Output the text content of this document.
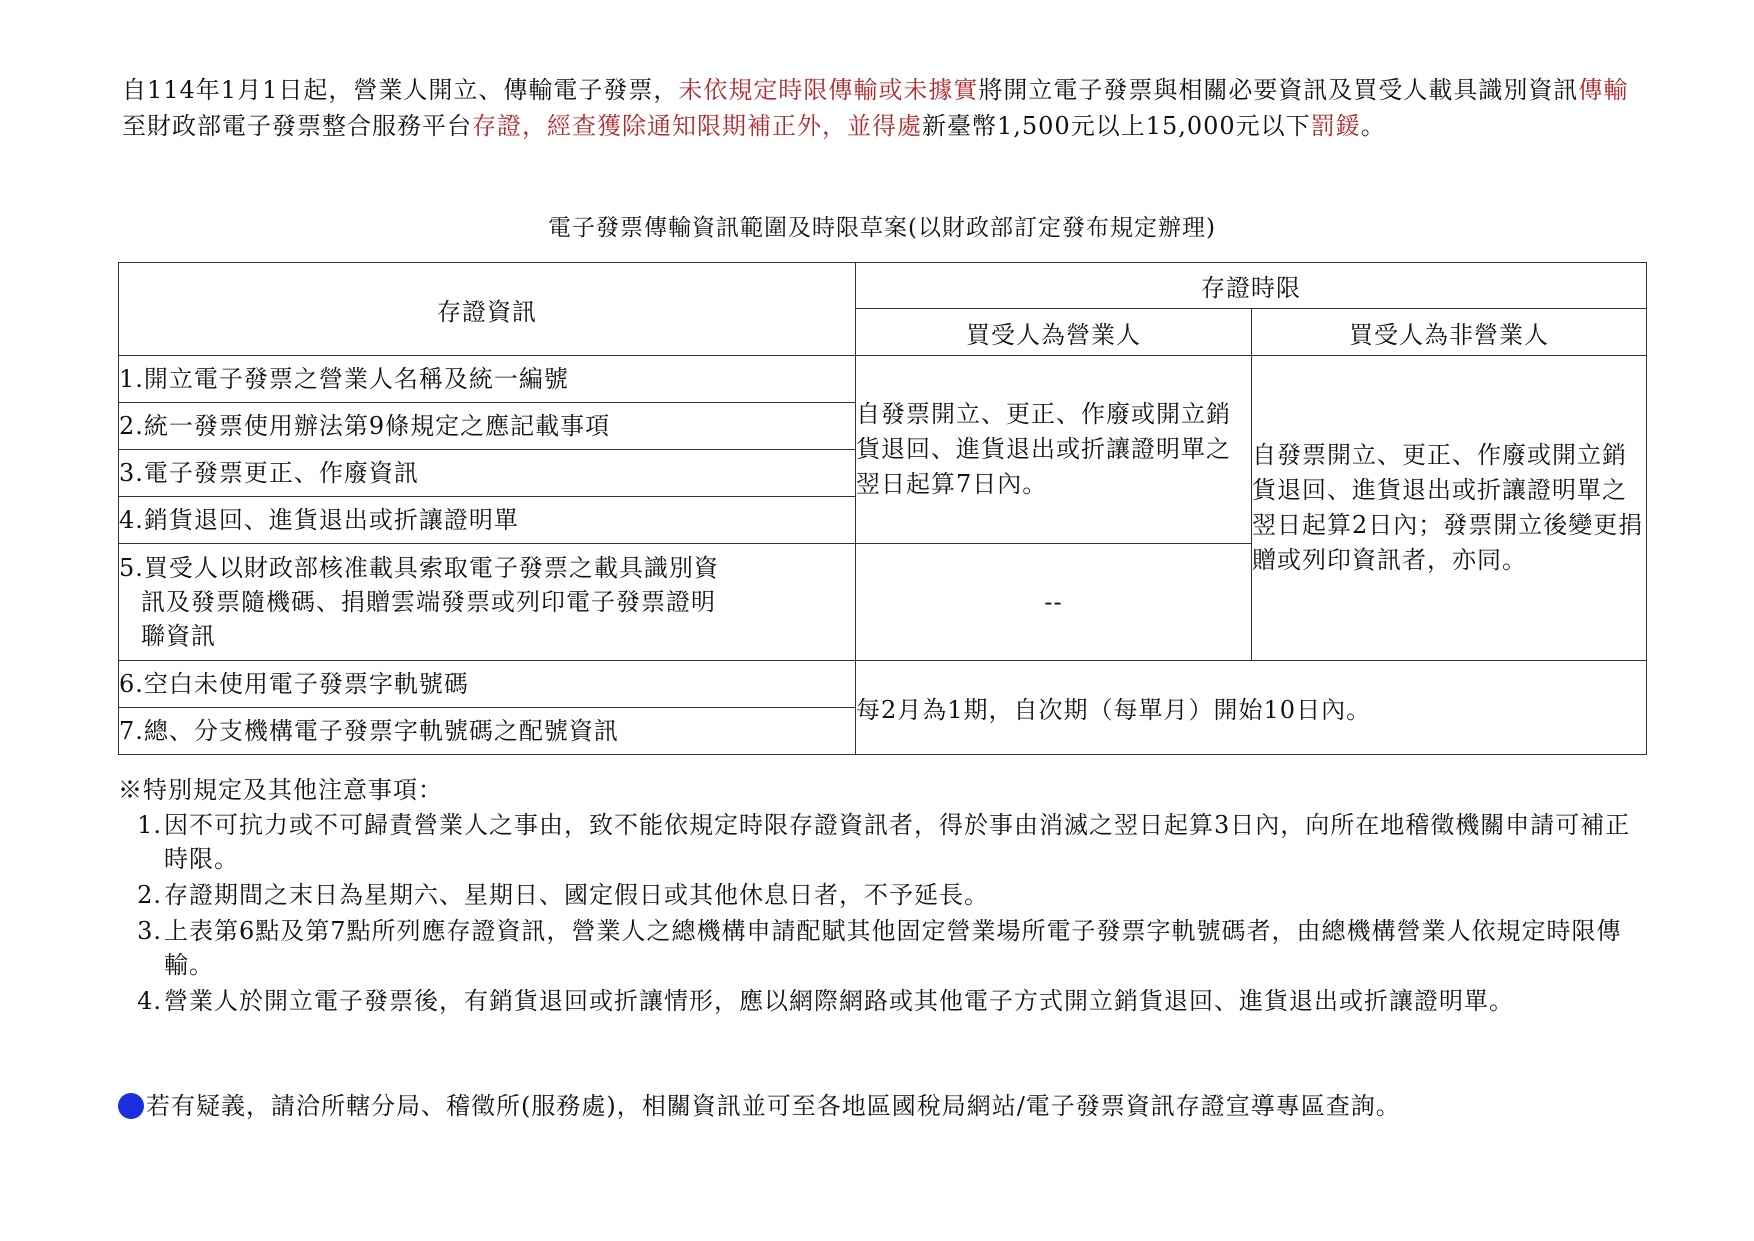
自114年1月1日起，營業人開立、傳輸電子發票，未依規定時限傳輸或未據實將開立電子發票與相關必要資訊及買受人載具識別資訊傳輸至財政部電子發票整合服務平台存證，經查獲除通知限期補正外，並得處新臺幣1,500元以上15,000元以下罰鍰。
電子發票傳輸資訊範圍及時限草案(以財政部訂定發布規定辦理)
存證資訊	存證時限	
	買受人為營業人	買受人為非營業人
1.開立電子發票之營業人名稱及統一編號	自發票開立、更正、作廢或開立銷貨退回、進貨退出或折讓證明單之翌日起算7日內。	自發票開立、更正、作廢或開立銷貨退回、進貨退出或折讓證明單之翌日起算2日內；發票開立後變更捐贈或列印資訊者，亦同。
2.統一發票使用辦法第9條規定之應記載事項		
3.電子發票更正、作廢資訊		
4.銷貨退回、進貨退出或折讓證明單		
5.買受人以財政部核准載具索取電子發票之載具識別資
訊及發票隨機碼、捐贈雲端發票或列印電子發票證明
聯資訊	--	
6.空白未使用電子發票字軌號碼	每2月為1期，自次期（每單月）開始10日內。	
7.總、分支機構電子發票字軌號碼之配號資訊		
※特別規定及其他注意事項：
1. 因不可抗力或不可歸責營業人之事由，致不能依規定時限存證資訊者，得於事由消滅之翌日起算3日內，向所在地稽徵機關申請可補正時限。
2. 存證期間之末日為星期六、星期日、國定假日或其他休息日者，不予延長。
3. 上表第6點及第7點所列應存證資訊，營業人之總機構申請配賦其他固定營業場所電子發票字軌號碼者，由總機構營業人依規定時限傳輸。
4. 營業人於開立電子發票後，有銷貨退回或折讓情形，應以網際網路或其他電子方式開立銷貨退回、進貨退出或折讓證明單。
若有疑義，請洽所轄分局、稽徵所(服務處)，相關資訊並可至各地區國稅局網站/電子發票資訊存證宣導專區查詢。
